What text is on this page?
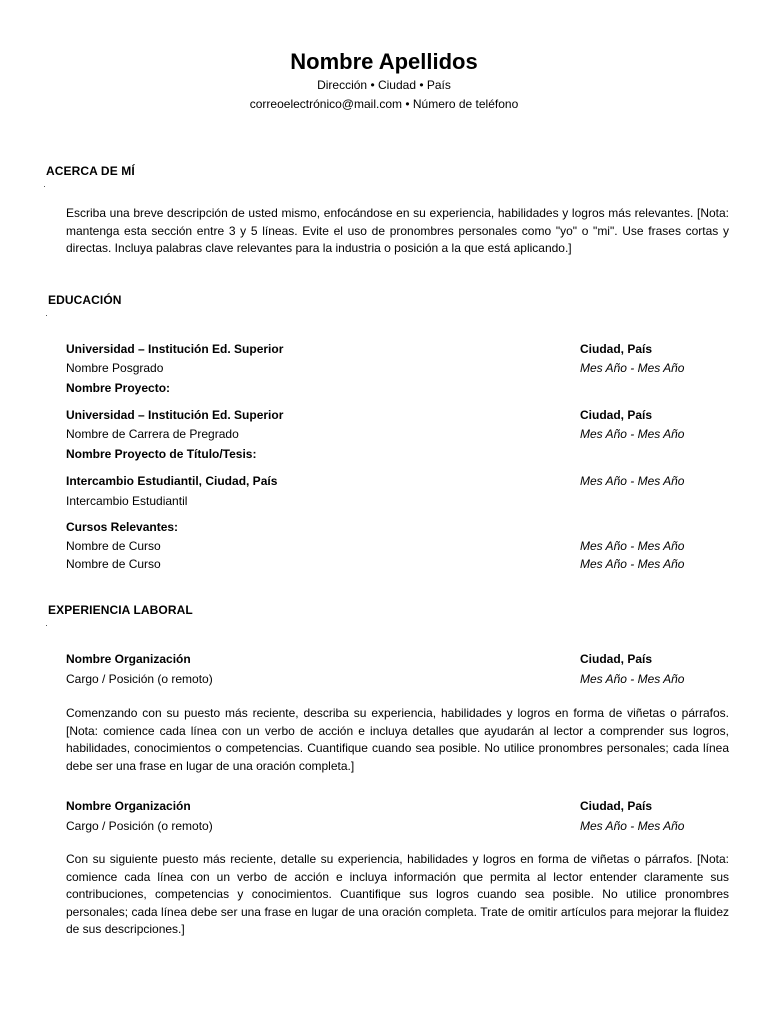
Nombre Apellidos
Dirección • Ciudad • País
correoelectrónico@mail.com • Número de teléfono
ACERCA DE MÍ
Escriba una breve descripción de usted mismo, enfocándose en su experiencia, habilidades y logros más relevantes. [Nota: mantenga esta sección entre 3 y 5 líneas. Evite el uso de pronombres personales como "yo" o "mi". Use frases cortas y directas. Incluya palabras clave relevantes para la industria o posición a la que está aplicando.]
EDUCACIÓN
Universidad – Institución Ed. Superior	Ciudad, País
Nombre Posgrado	Mes Año - Mes Año
Nombre Proyecto:
Universidad – Institución Ed. Superior	Ciudad, País
Nombre de Carrera de Pregrado	Mes Año - Mes Año
Nombre Proyecto de Título/Tesis:
Intercambio Estudiantil, Ciudad, País	Mes Año - Mes Año
Intercambio Estudiantil
Cursos Relevantes:
Nombre de Curso	Mes Año - Mes Año
Nombre de Curso	Mes Año - Mes Año
EXPERIENCIA LABORAL
Nombre Organización	Ciudad, País
Cargo / Posición (o remoto)	Mes Año - Mes Año
Comenzando con su puesto más reciente, describa su experiencia, habilidades y logros en forma de viñetas o párrafos. [Nota: comience cada línea con un verbo de acción e incluya detalles que ayudarán al lector a comprender sus logros, habilidades, conocimientos o competencias. Cuantifique cuando sea posible. No utilice pronombres personales; cada línea debe ser una frase en lugar de una oración completa.]
Nombre Organización	Ciudad, País
Cargo / Posición (o remoto)	Mes Año - Mes Año
Con su siguiente puesto más reciente, detalle su experiencia, habilidades y logros en forma de viñetas o párrafos. [Nota: comience cada línea con un verbo de acción e incluya información que permita al lector entender claramente sus contribuciones, competencias y conocimientos. Cuantifique sus logros cuando sea posible. No utilice pronombres personales; cada línea debe ser una frase en lugar de una oración completa. Trate de omitir artículos para mejorar la fluidez de sus descripciones.]
